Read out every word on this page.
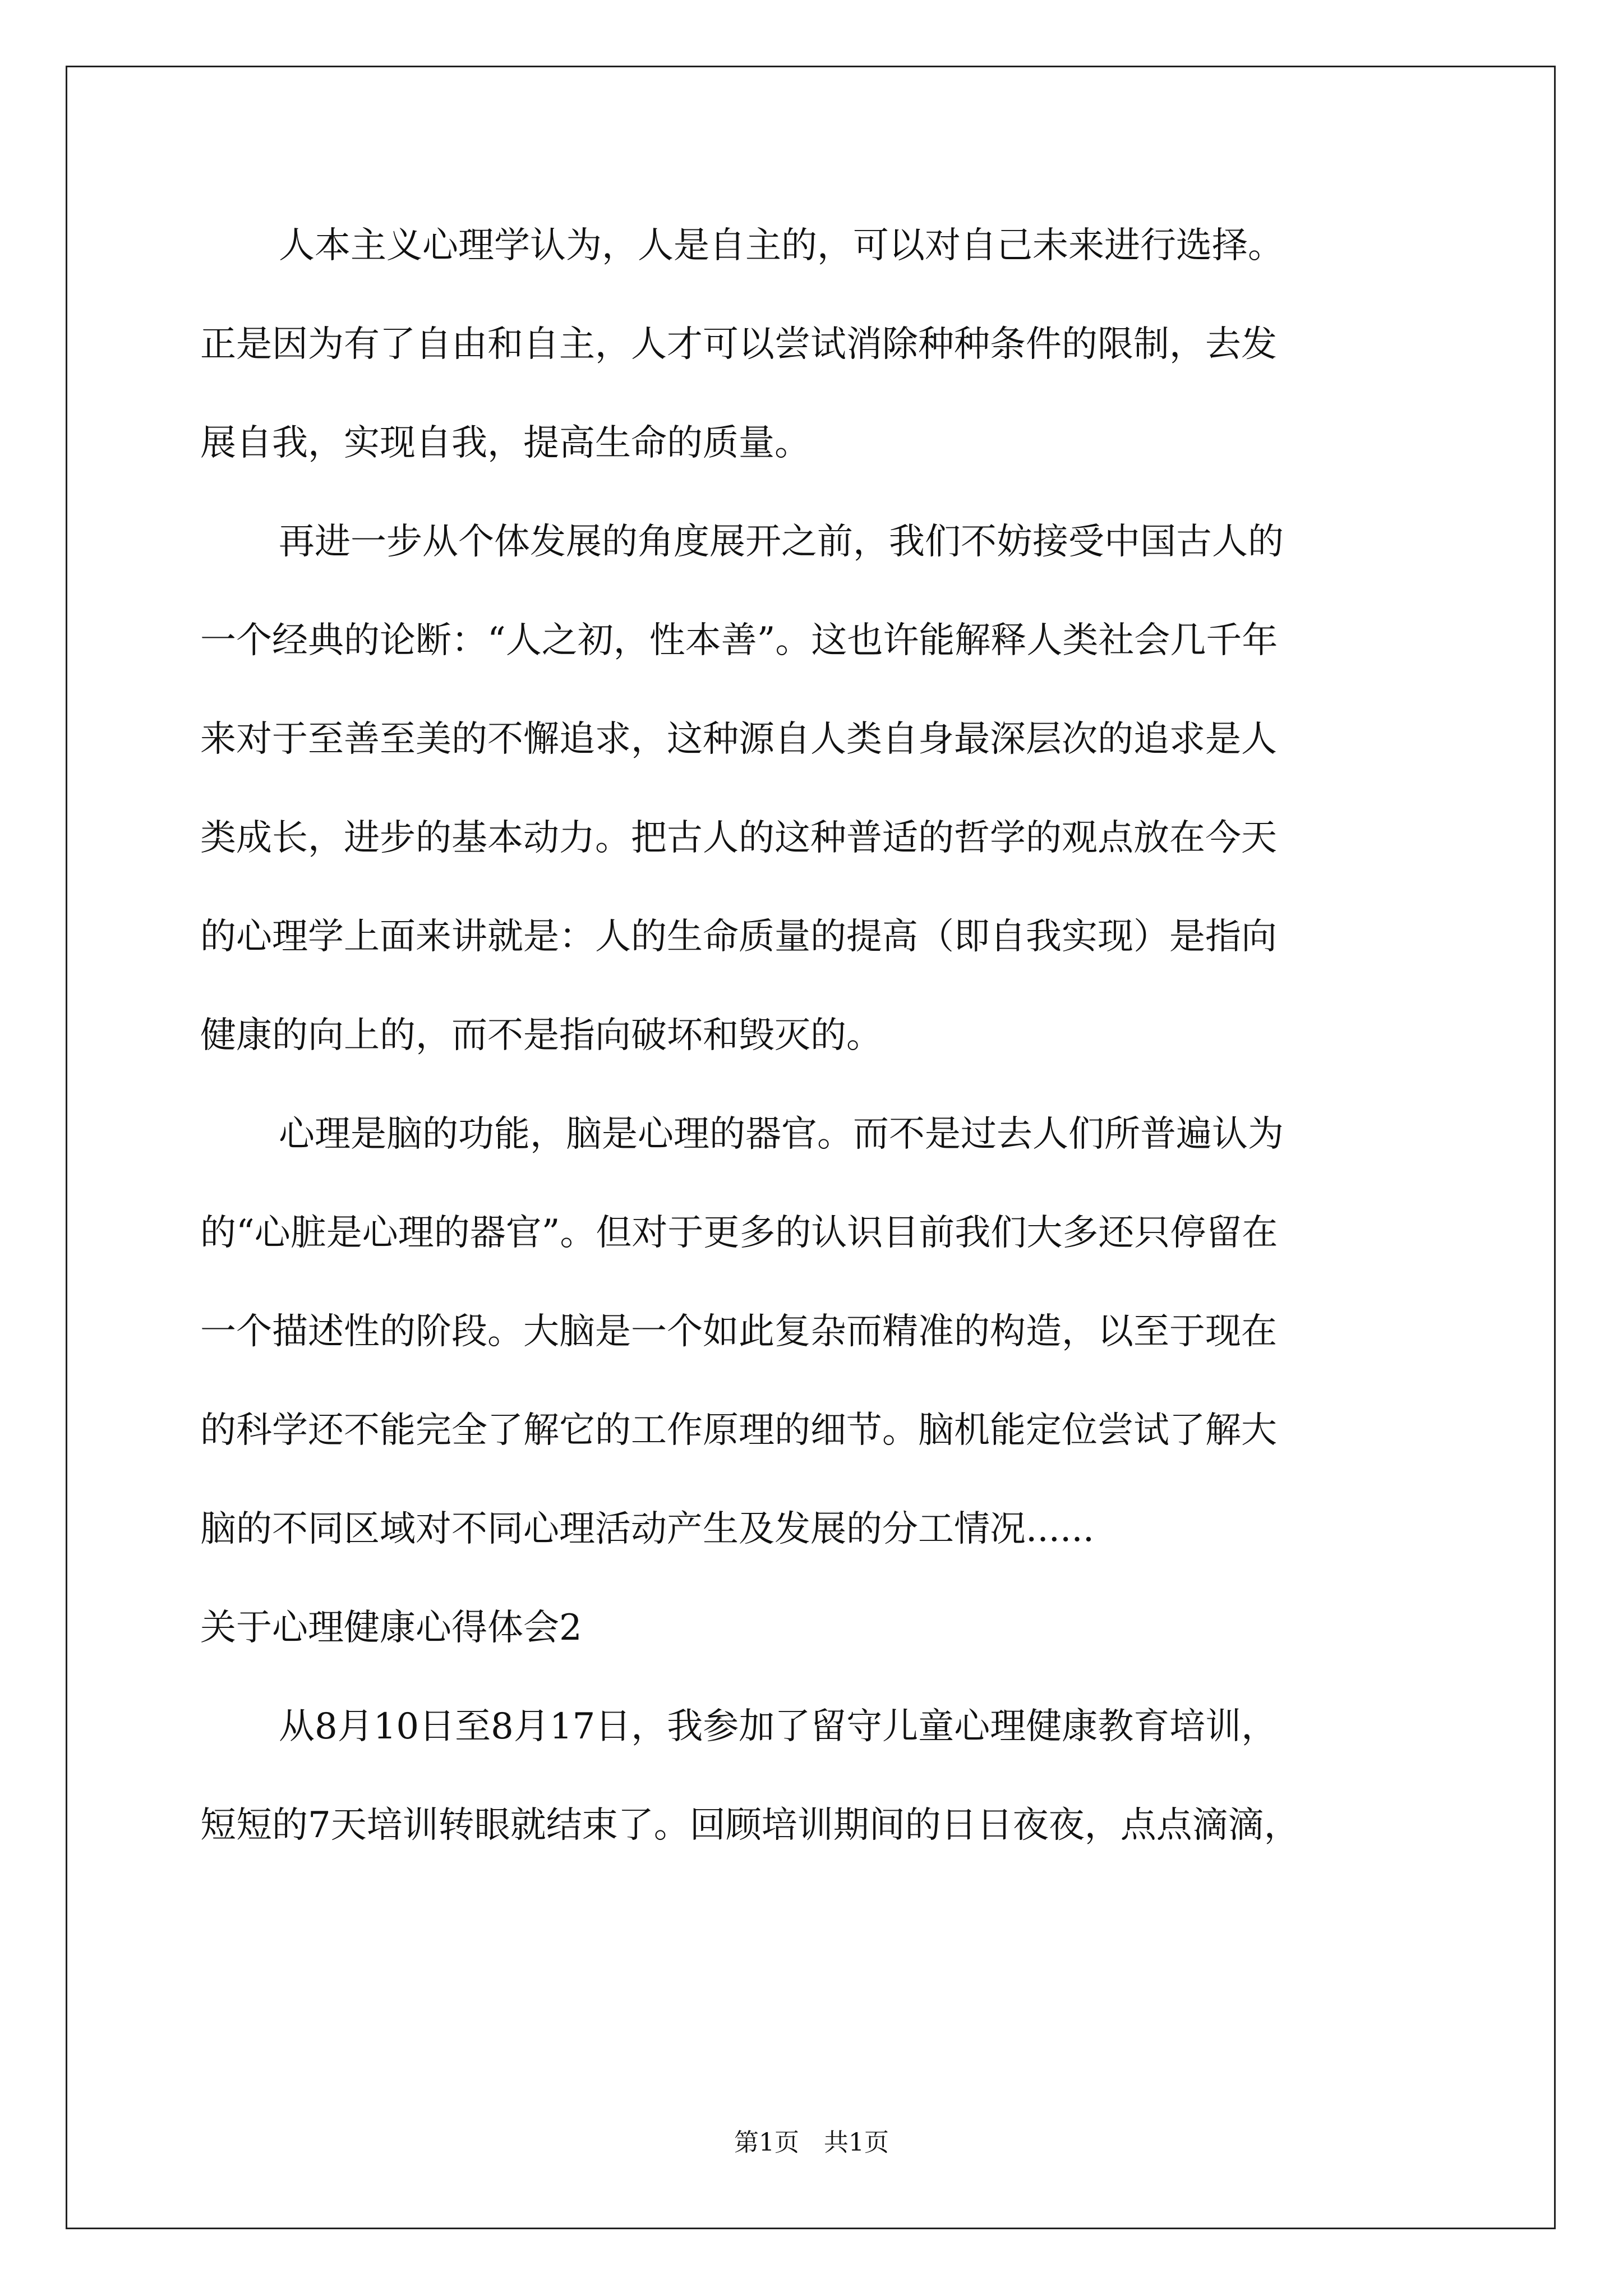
人本主义心理学认为，人是自主的，可以对自己未来进行选择。
正是因为有了自由和自主，人才可以尝试消除种种条件的限制，去发
展自我，实现自我，提高生命的质量。
再进一步从个体发展的角度展开之前，我们不妨接受中国古人的
一个经典的论断：“人之初，性本善”。这也许能解释人类社会几千年
来对于至善至美的不懈追求，这种源自人类自身最深层次的追求是人
类成长，进步的基本动力。把古人的这种普适的哲学的观点放在今天
的心理学上面来讲就是：人的生命质量的提高（即自我实现）是指向
健康的向上的，而不是指向破坏和毁灭的。
心理是脑的功能，脑是心理的器官。而不是过去人们所普遍认为
的“心脏是心理的器官”。但对于更多的认识目前我们大多还只停留在
一个描述性的阶段。大脑是一个如此复杂而精准的构造，以至于现在
的科学还不能完全了解它的工作原理的细节。脑机能定位尝试了解大
脑的不同区域对不同心理活动产生及发展的分工情况......
关于心理健康心得体会2
从8月10日至8月17日，我参加了留守儿童心理健康教育培训，
短短的7天培训转眼就结束了。回顾培训期间的日日夜夜，点点滴滴，
第1页　共1页
